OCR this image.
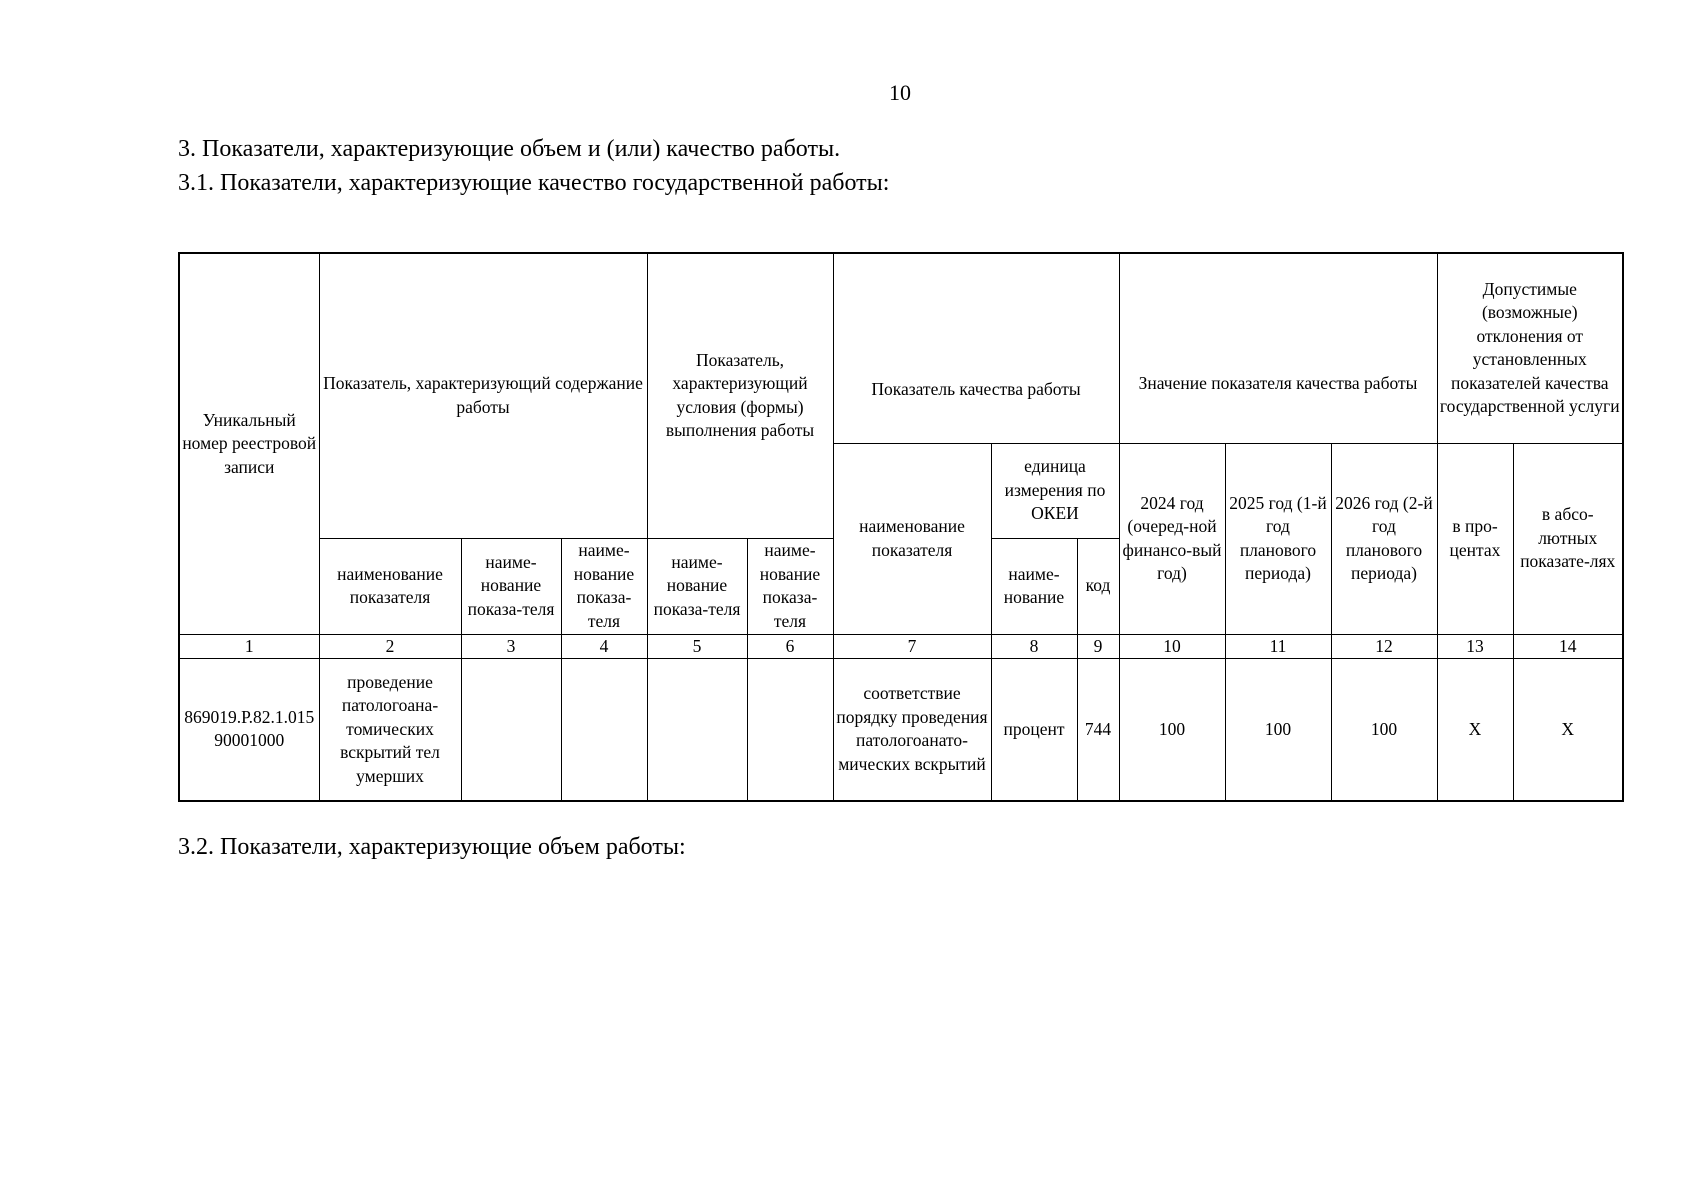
10
3. Показатели, характеризующие объем и (или) качество работы.
3.1. Показатели, характеризующие качество государственной работы:
Уникальный номер реестровой записи	Показатель, характеризующий содержание работы			Показатель, характеризующий условия (формы) выполнения работы		Показатель качества работы			Значение показателя качества работы			Допустимые (возможные) отклонения от установленных показателей качества государственной услуги	
						наименование показателя	единица измерения по ОКЕИ		2024 год (очеред-ной финансо-вый год)	2025 год (1-й год планового периода)	2026 год (2-й год планового периода)	в про-центах	в абсо-лютных показате-лях
	наименование показателя	наиме-нование показа-теля	наиме-нование показа-теля	наиме-нование показа-теля	наиме-нование показа-теля		наиме-нование	код					
1	2	3	4	5	6	7	8	9	10	11	12	13	14
869019.Р.82.1.01590001000	проведение патологоана-томических вскрытий тел умерших					соответствие порядку проведения патологоанато-мических вскрытий	процент	744	100	100	100	Х	Х
3.2. Показатели, характеризующие объем работы:
